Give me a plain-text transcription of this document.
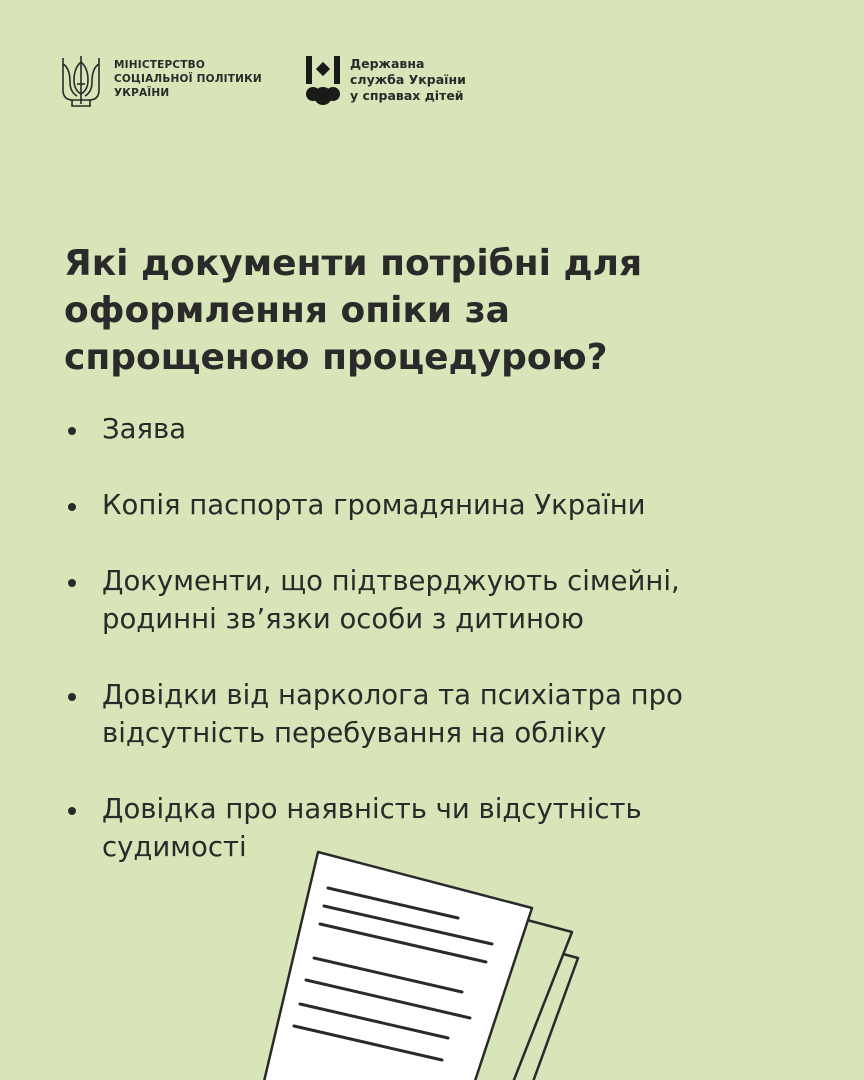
МІНІСТЕРСТВО
СОЦІАЛЬНОЇ ПОЛІТИКИ
УКРАЇНИ
Державна
служба України
у справах дітей
Які документи потрібні для
оформлення опіки за
спрощеною процедурою?
Заява
Копія паспорта громадянина України
Документи, що підтверджують сімейні,
родинні зв’язки особи з дитиною
Довідки від нарколога та психіатра про
відсутність перебування на обліку
Довідка про наявність чи відсутність
судимості
